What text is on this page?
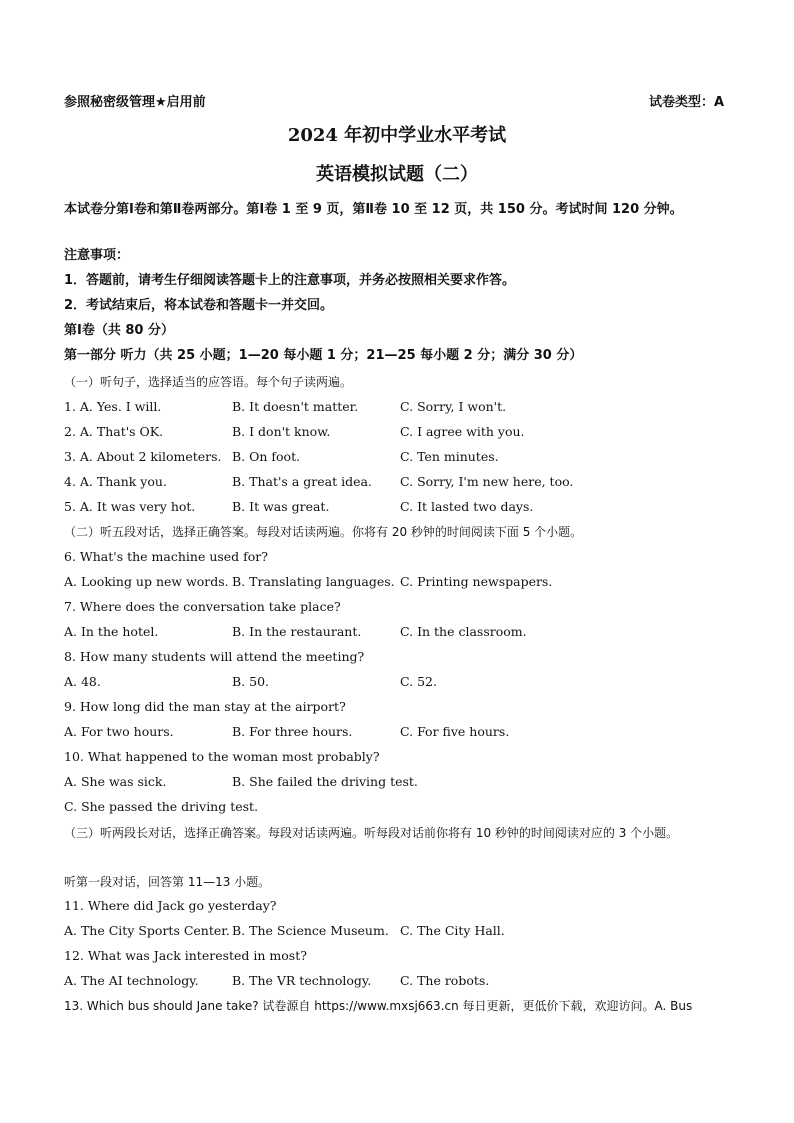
参照秘密级管理★启用前	试卷类型：A
2024 年初中学业水平考试
英语模拟试题（二）
本试卷分第Ⅰ卷和第Ⅱ卷两部分。第Ⅰ卷 1 至 9 页，第Ⅱ卷 10 至 12 页，共 150 分。考试时间 120 分钟。
注意事项：
1．答题前，请考生仔细阅读答题卡上的注意事项，并务必按照相关要求作答。
2．考试结束后，将本试卷和答题卡一并交回。
第Ⅰ卷（共 80 分）
第一部分 听力（共 25 小题；1—20 每小题 1 分；21—25 每小题 2 分；满分 30 分）
（一）听句子，选择适当的应答语。每个句子读两遍。
1. A. Yes. I will.	B. It doesn't matter.	C. Sorry, I won't.
2. A. That's OK.	B. I don't know.	C. I agree with you.
3. A. About 2 kilometers. B. On foot.	C. Ten minutes.
4. A. Thank you.	B. That's a great idea. C. Sorry, I'm new here, too.
5. A. It was very hot.	B. It was great.	C. It lasted two days.
（二）听五段对话，选择正确答案。每段对话读两遍。你将有 20 秒钟的时间阅读下面 5 个小题。
6. What's the machine used for?
A. Looking up new words. B. Translating languages. C. Printing newspapers.
7. Where does the conversation take place?
A. In the hotel.	B. In the restaurant.	C. In the classroom.
8. How many students will attend the meeting?
A. 48.	B. 50.	C. 52.
9. How long did the man stay at the airport?
A. For two hours.	B. For three hours.	C. For five hours.
10. What happened to the woman most probably?
A. She was sick.	B. She failed the driving test.
C. She passed the driving test.
（三）听两段长对话，选择正确答案。每段对话读两遍。听每段对话前你将有 10 秒钟的时间阅读对应的 3 个小题。
听第一段对话，回答第 11—13 小题。
11. Where did Jack go yesterday?
A. The City Sports Center. B. The Science Museum. C. The City Hall.
12. What was Jack interested in most?
A. The AI technology.	B. The VR technology. C. The robots.
13. Which bus should Jane take? 试卷源自 https://www.mxsj663.cn 每日更新，更低价下载，欢迎访问。A. Bus
